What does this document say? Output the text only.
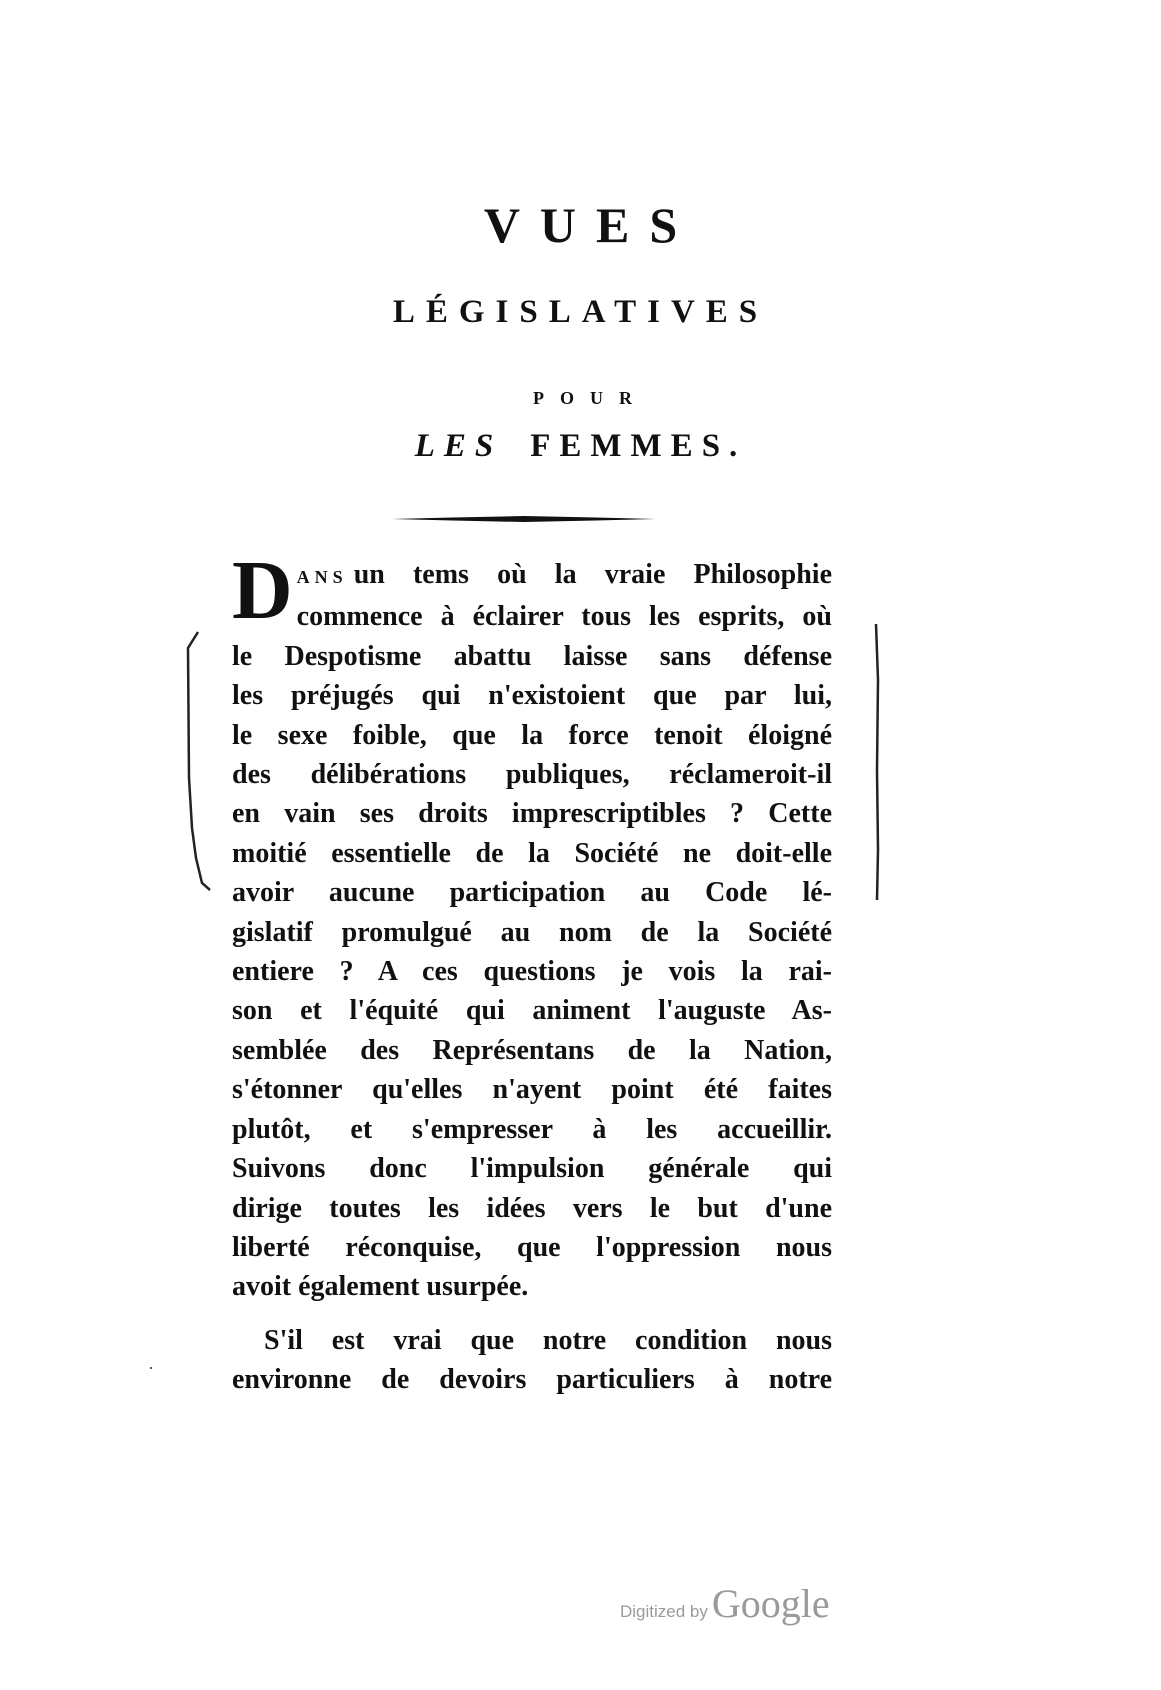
VUES
LÉGISLATIVES
POUR
LES FEMMES.

D ANS un tems où la vraie Philosophie
commence à éclairer tous les esprits, où
le Despotisme abattu laisse sans défense
les préjugés qui n'existoient que par lui,
le sexe foible, que la force tenoit éloigné
des délibérations publiques, réclameroit-il
en vain ses droits imprescriptibles ? Cette
moitié essentielle de la Société ne doit-elle
avoir aucune participation au Code lé-
gislatif promulgué au nom de la Société
entiere ? A ces questions je vois la rai-
son et l'équité qui animent l'auguste As-
semblée des Représentans de la Nation,
s'étonner qu'elles n'ayent point été faites
plutôt, et s'empresser à les accueillir.
Suivons donc l'impulsion générale qui
dirige toutes les idées vers le but d'une
liberté réconquise, que l'oppression nous
avoit également usurpée.

S'il est vrai que notre condition nous
environne de devoirs particuliers à notre

Digitized by Google
